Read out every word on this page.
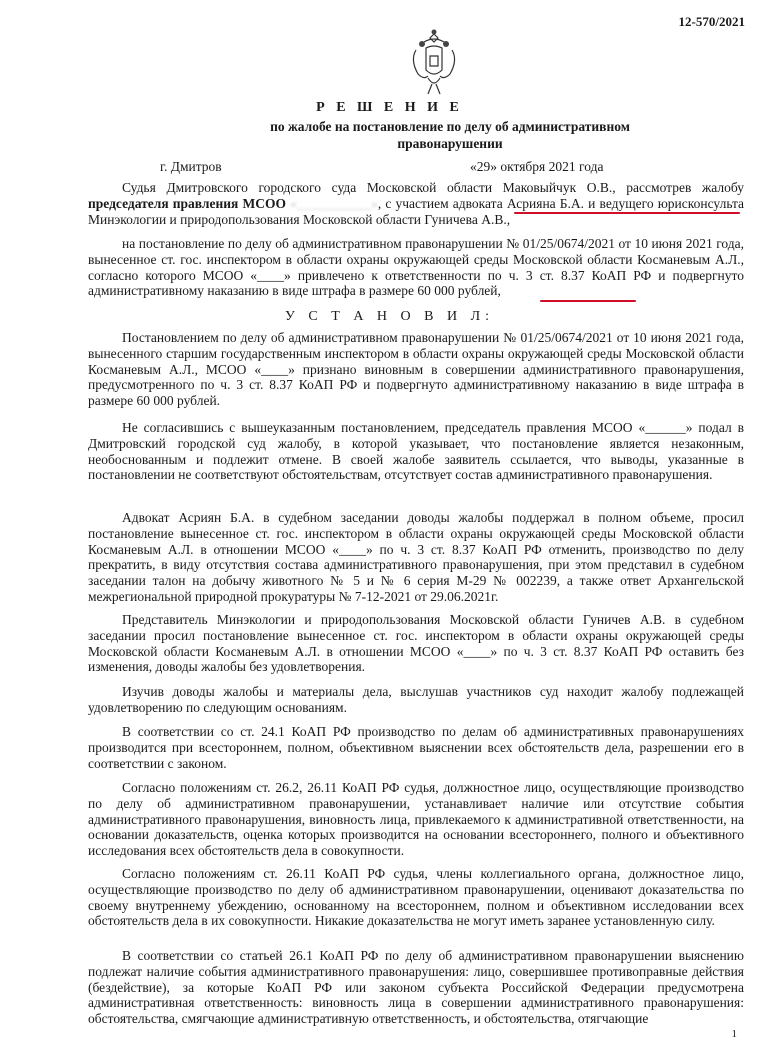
12-570/2021
Р Е Ш Е Н И Е
по жалобе на постановление по делу об административном правонарушении
г. Дмитров	«29» октября 2021 года
Судья Дмитровского городского суда Московской области Маковыйчук О.В., рассмотрев жалобу председателя правления МСОО «___________», с участием адвоката Асрияна Б.А. и ведущего юрисконсульта Минэкологии и природопользования Московской области Гуничева А.В.,

на постановление по делу об административном правонарушении № 01/25/0674/2021 от 10 июня 2021 года, вынесенное ст. гос. инспектором в области охраны окружающей среды Московской области Косманевым А.Л., согласно которого МСОО «____» привлечено к ответственности по ч. 3 ст. 8.37 КоАП РФ и подвергнуто административному наказанию в виде штрафа в размере 60 000 рублей,

У С Т А Н О В И Л:

Постановлением по делу об административном правонарушении № 01/25/0674/2021 от 10 июня 2021 года, вынесенного старшим государственным инспектором в области охраны окружающей среды Московской области Косманевым А.Л., МСОО «____» признано виновным в совершении административного правонарушения, предусмотренного по ч. 3 ст. 8.37 КоАП РФ и подвергнуто административному наказанию в виде штрафа в размере 60 000 рублей.

Не согласившись с вышеуказанным постановлением, председатель правления МСОО «______» подал в Дмитровский городской суд жалобу, в которой указывает, что постановление является незаконным, необоснованным и подлежит отмене. В своей жалобе заявитель ссылается, что выводы, указанные в постановлении не соответствуют обстоятельствам, отсутствует состав административного правонарушения.

Адвокат Асриян Б.А. в судебном заседании доводы жалобы поддержал в полном объеме, просил постановление вынесенное ст. гос. инспектором в области охраны окружающей среды Московской области Косманевым А.Л. в отношении МСОО «____» по ч. 3 ст. 8.37 КоАП РФ отменить, производство по делу прекратить, в виду отсутствия состава административного правонарушения, при этом представил в судебном заседании талон на добычу животного № 5 и № 6 серия М-29 № 002239, а также ответ Архангельской межрегиональной природной прокуратуры № 7-12-2021 от 29.06.2021г.

Представитель Минэкологии и природопользования Московской области Гуничев А.В. в судебном заседании просил постановление вынесенное ст. гос. инспектором в области охраны окружающей среды Московской области Косманевым А.Л. в отношении МСОО «____» по ч. 3 ст. 8.37 КоАП РФ оставить без изменения, доводы жалобы без удовлетворения.

Изучив доводы жалобы и материалы дела, выслушав участников суд находит жалобу подлежащей удовлетворению по следующим основаниям.

В соответствии со ст. 24.1 КоАП РФ производство по делам об административных правонарушениях производится при всестороннем, полном, объективном выяснении всех обстоятельств дела, разрешении его в соответствии с законом.

Согласно положениям ст. 26.2, 26.11 КоАП РФ судья, должностное лицо, осуществляющие производство по делу об административном правонарушении, устанавливает наличие или отсутствие события административного правонарушения, виновность лица, привлекаемого к административной ответственности, на основании доказательств, оценка которых производится на основании всестороннего, полного и объективного исследования всех обстоятельств дела в совокупности.

Согласно положениям ст. 26.11 КоАП РФ судья, члены коллегиального органа, должностное лицо, осуществляющие производство по делу об административном правонарушении, оценивают доказательства по своему внутреннему убеждению, основанному на всестороннем, полном и объективном исследовании всех обстоятельств дела в их совокупности. Никакие доказательства не могут иметь заранее установленную силу.

В соответствии со статьей 26.1 КоАП РФ по делу об административном правонарушении выяснению подлежат наличие события административного правонарушения: лицо, совершившее противоправные действия (бездействие), за которые КоАП РФ или законом субъекта Российской Федерации предусмотрена административная ответственность: виновность лица в совершении административного правонарушения: обстоятельства, смягчающие административную ответственность, и обстоятельства, отягчающие

1
